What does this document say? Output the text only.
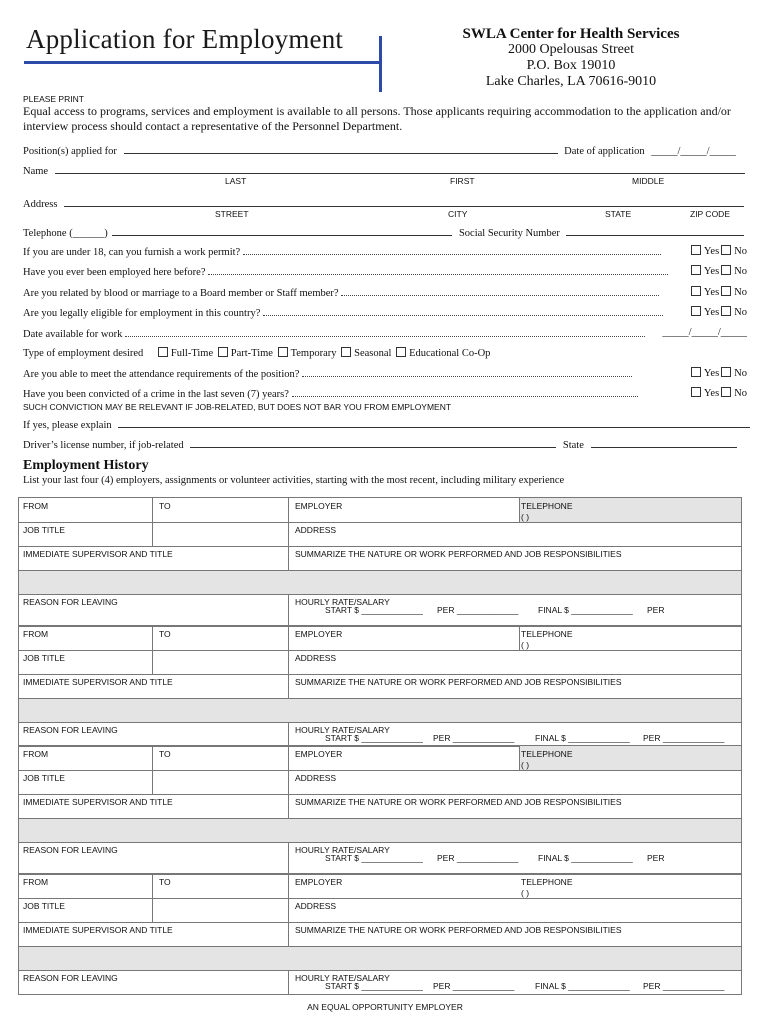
Application for Employment	SWLA Center for Health Services
2000 Opelousas Street
P.O. Box 19010
Lake Charles, LA 70616-9010
PLEASE PRINT
Equal access to programs, services and employment is available to all persons. Those applicants requiring accommodation to the application and/or interview process should contact a representative of the Personnel Department.
Position(s) applied for	Date of application _____/_____/_____
Name
LAST	FIRST	MIDDLE
Address
STREET	CITY	STATE	ZIP CODE
Telephone (______)	Social Security Number
If you are under 18, can you furnish a work permit?	Yes No
Have you ever been employed here before?	Yes No
Are you related by blood or marriage to a Board member or Staff member?	Yes No
Are you legally eligible for employment in this country?	Yes No
Date available for work	_____/_____/_____
Type of employment desired	Full-Time Part-Time Temporary Seasonal Educational Co-Op
Are you able to meet the attendance requirements of the position?	Yes No
Have you been convicted of a crime in the last seven (7) years?	Yes No
SUCH CONVICTION MAY BE RELEVANT IF JOB-RELATED, BUT DOES NOT BAR YOU FROM EMPLOYMENT
If yes, please explain
Driver’s license number, if job-related	State
Employment History
List your last four (4) employers, assignments or volunteer activities, starting with the most recent, including military experience
FROM	TO	EMPLOYER	TELEPHONE
( )
JOB TITLE	ADDRESS
IMMEDIATE SUPERVISOR AND TITLE	SUMMARIZE THE NATURE OR WORK PERFORMED AND JOB RESPONSIBILITIES
REASON FOR LEAVING	HOURLY RATE/SALARY
START $ _____________ PER _____________ FINAL $ _____________ PER
FROM	TO	EMPLOYER	TELEPHONE
( )
JOB TITLE	ADDRESS
IMMEDIATE SUPERVISOR AND TITLE	SUMMARIZE THE NATURE OR WORK PERFORMED AND JOB RESPONSIBILITIES
REASON FOR LEAVING	HOURLY RATE/SALARY
START $ _____________ PER _____________ FINAL $ _____________ PER _____________
FROM	TO	EMPLOYER	TELEPHONE
( )
JOB TITLE	ADDRESS
IMMEDIATE SUPERVISOR AND TITLE	SUMMARIZE THE NATURE OR WORK PERFORMED AND JOB RESPONSIBILITIES
REASON FOR LEAVING	HOURLY RATE/SALARY
START $ _____________ PER _____________ FINAL $ _____________ PER
FROM	TO	EMPLOYER	TELEPHONE
( )
JOB TITLE	ADDRESS
IMMEDIATE SUPERVISOR AND TITLE	SUMMARIZE THE NATURE OR WORK PERFORMED AND JOB RESPONSIBILITIES
REASON FOR LEAVING	HOURLY RATE/SALARY
START $ _____________ PER _____________ FINAL $ _____________ PER _____________
AN EQUAL OPPORTUNITY EMPLOYER
